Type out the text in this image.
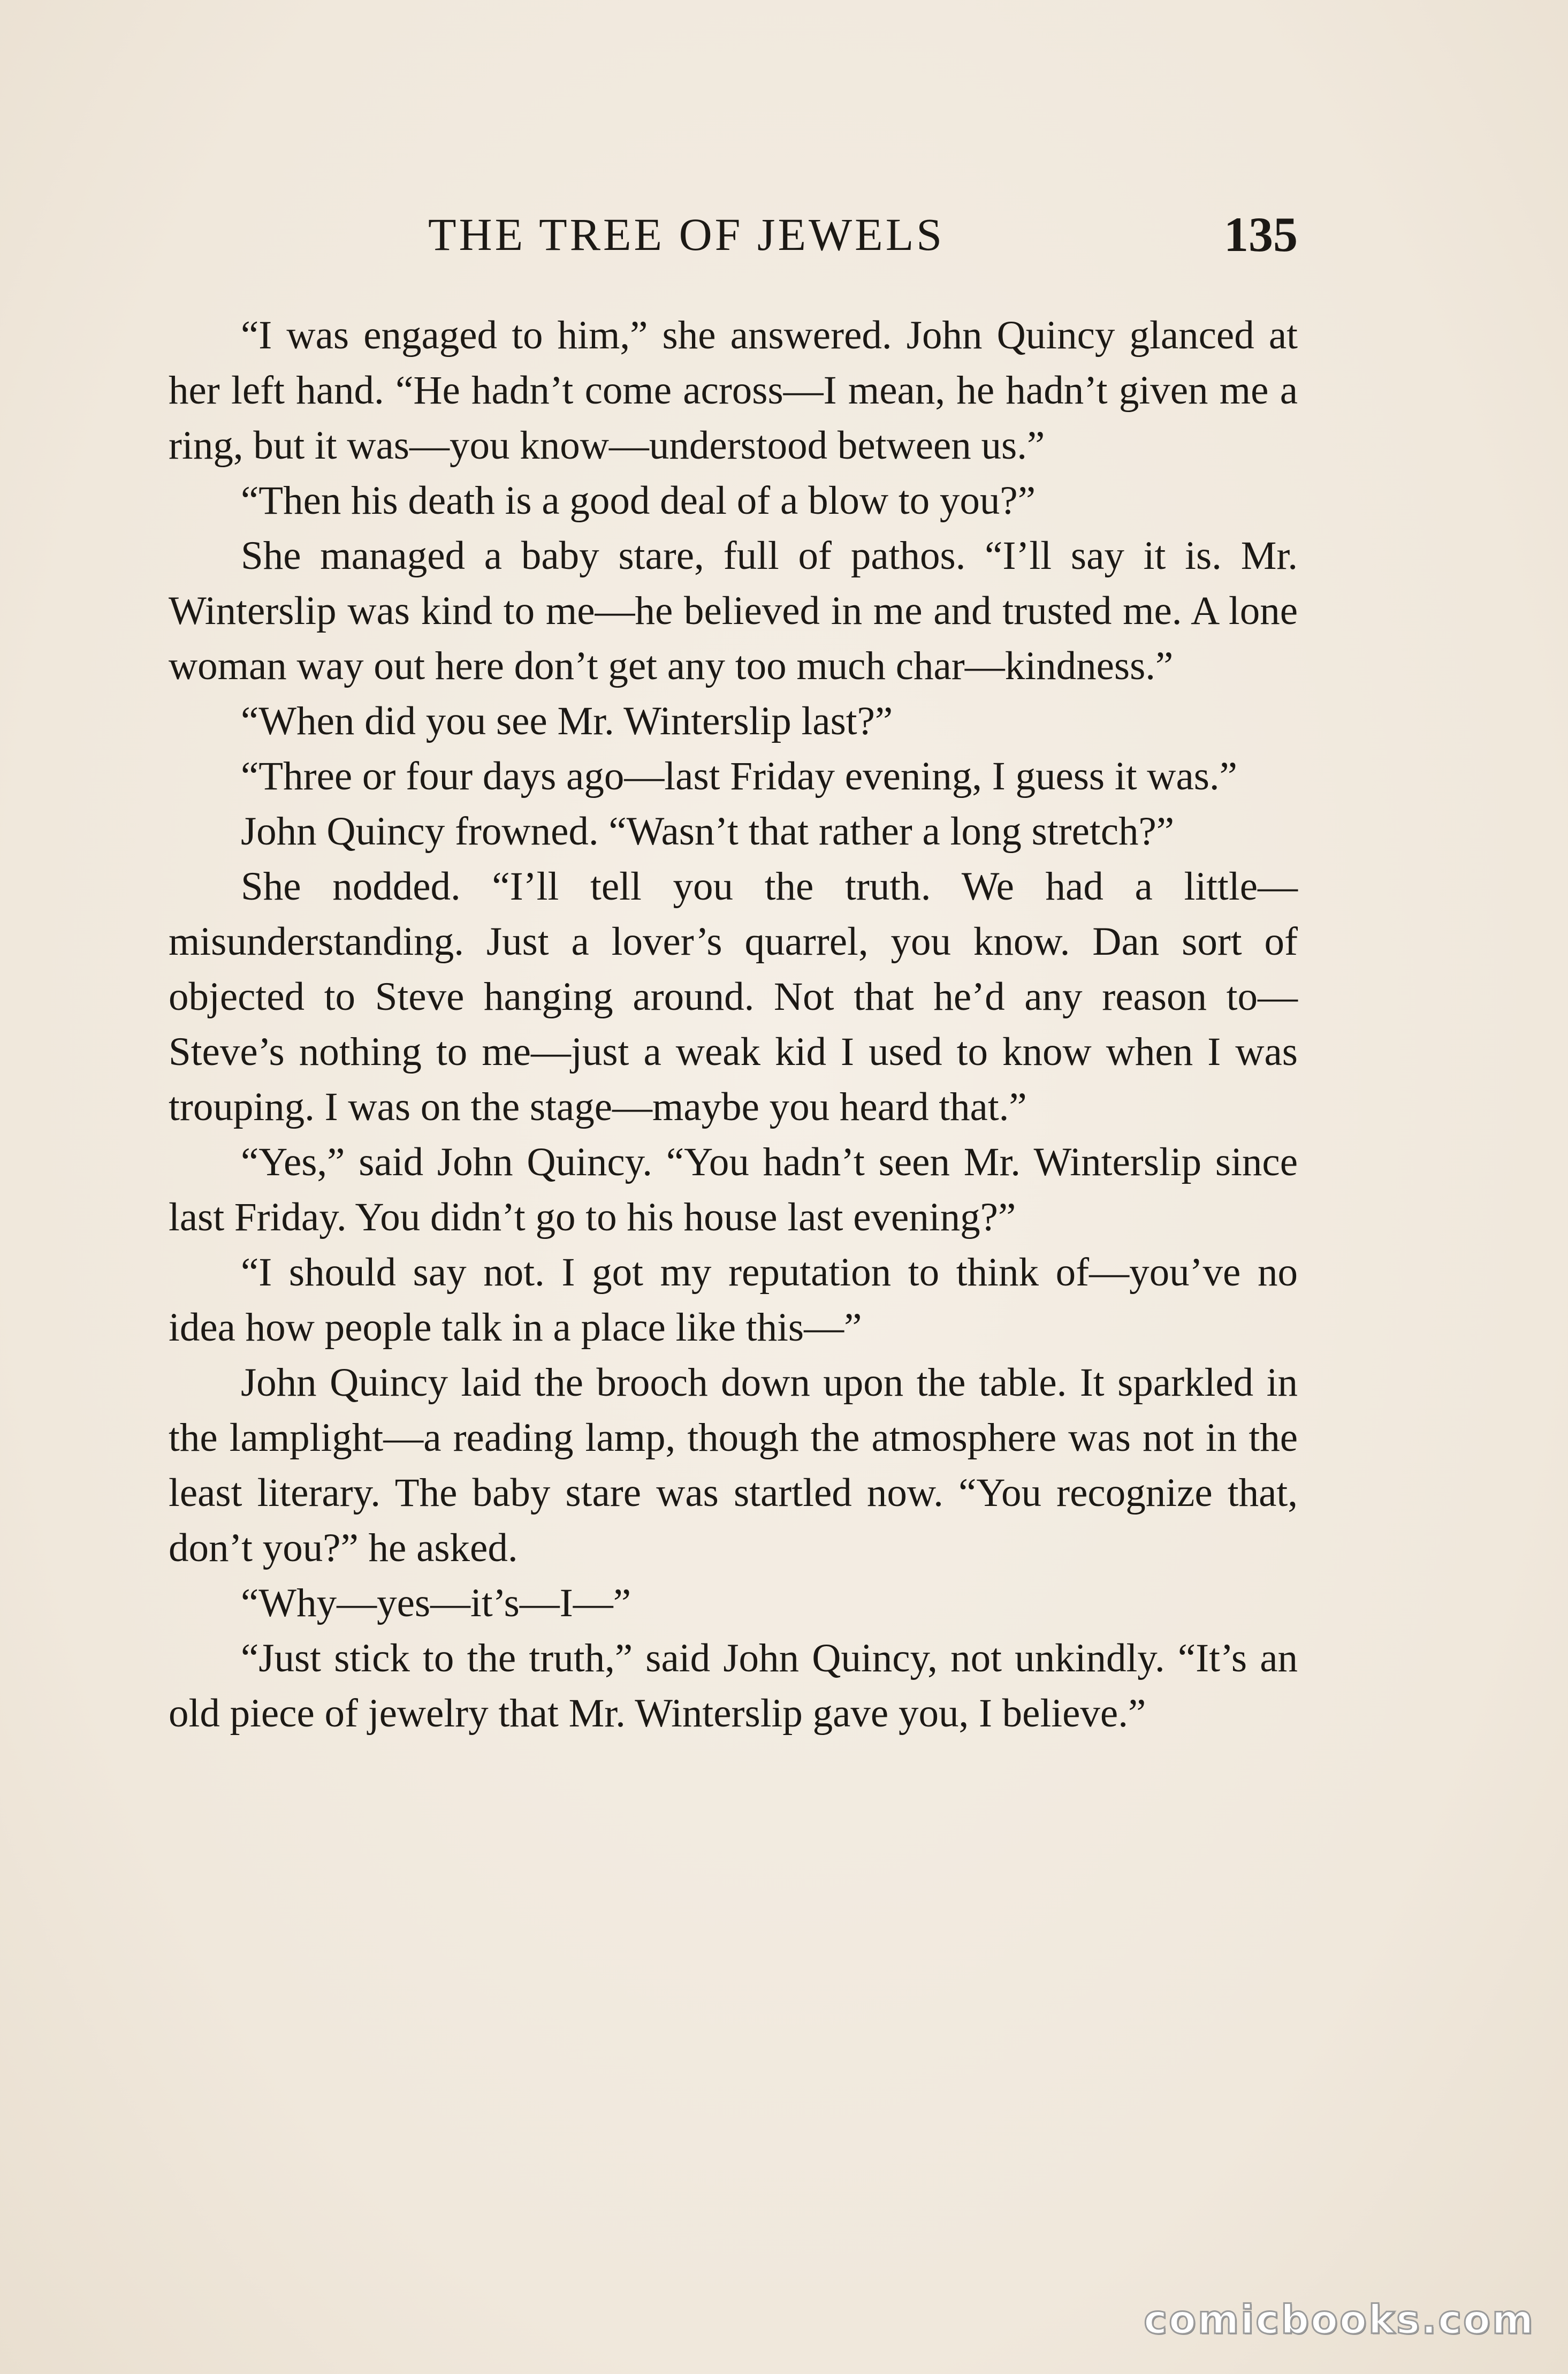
THE TREE OF JEWELS	135

“I was engaged to him,” she answered. John Quincy glanced at her left hand. “He hadn’t come across—I mean, he hadn’t given me a ring, but it was—you know—understood between us.”

“Then his death is a good deal of a blow to you?”

She managed a baby stare, full of pathos. “I’ll say it is. Mr. Winterslip was kind to me—he believed in me and trusted me. A lone woman way out here don’t get any too much char—kindness.”

“When did you see Mr. Winterslip last?”

“Three or four days ago—last Friday evening, I guess it was.”

John Quincy frowned. “Wasn’t that rather a long stretch?”

She nodded. “I’ll tell you the truth. We had a little—misunderstanding. Just a lover’s quarrel, you know. Dan sort of objected to Steve hanging around. Not that he’d any reason to—Steve’s nothing to me—just a weak kid I used to know when I was trouping. I was on the stage—maybe you heard that.”

“Yes,” said John Quincy. “You hadn’t seen Mr. Winterslip since last Friday. You didn’t go to his house last evening?”

“I should say not. I got my reputation to think of—you’ve no idea how people talk in a place like this—”

John Quincy laid the brooch down upon the table. It sparkled in the lamplight—a reading lamp, though the atmosphere was not in the least literary. The baby stare was startled now. “You recognize that, don’t you?” he asked.

“Why—yes—it’s—I—”

“Just stick to the truth,” said John Quincy, not unkindly. “It’s an old piece of jewelry that Mr. Winterslip gave you, I believe.”

comicbooks.com
